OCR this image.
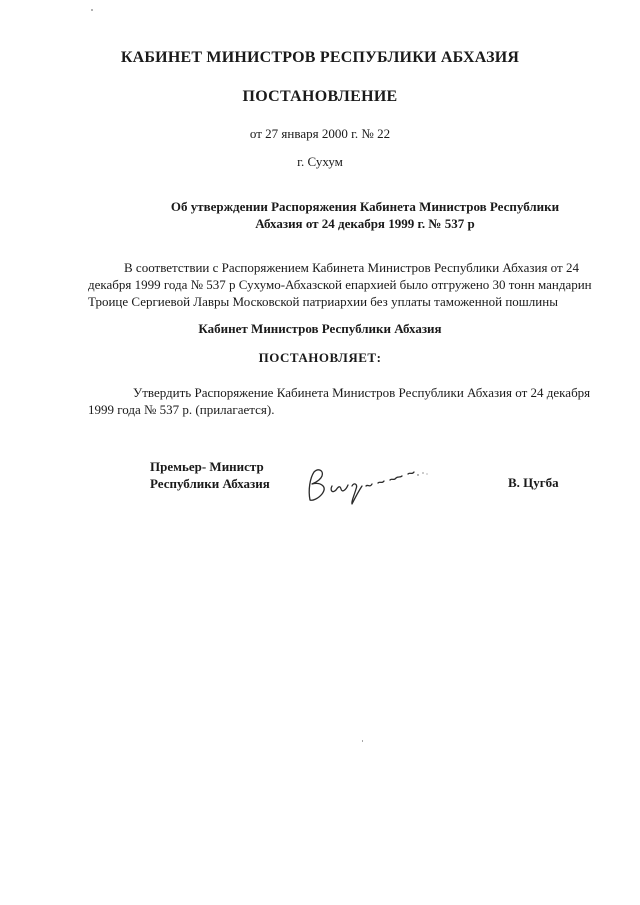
КАБИНЕТ МИНИСТРОВ РЕСПУБЛИКИ АБХАЗИЯ
ПОСТАНОВЛЕНИЕ
от 27 января 2000 г. № 22
г. Сухум
Об утверждении Распоряжения Кабинета Министров Республики
Абхазия от 24 декабря 1999 г. № 537 р
В соответствии с Распоряжением Кабинета Министров Республики Абхазия от 24
декабря 1999 года № 537 р Сухумо-Абхазской епархией было отгружено 30 тонн мандарин
Троице Сергиевой Лавры Московской патриархии без уплаты таможенной пошлины
Кабинет Министров Республики Абхазия
ПОСТАНОВЛЯЕТ:
Утвердить Распоряжение Кабинета Министров Республики Абхазия от 24 декабря
1999 года № 537 р. (прилагается).
Премьер- Министр
Республики Абхазия	В. Цугба
